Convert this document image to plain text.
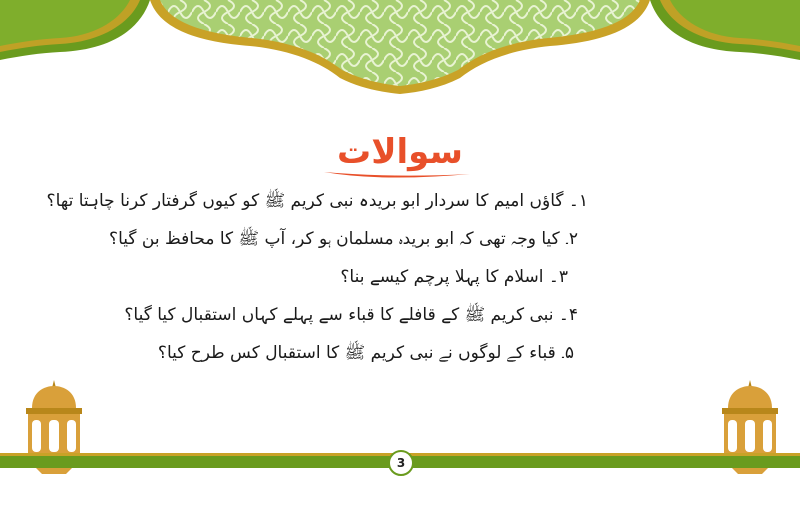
سوالات
۱۔ گاؤں امیم کا سردار ابو بریدہ نبی کریم ﷺ کو کیوں گرفتار کرنا چاہتا تھا؟
۲۔ کیا وجہ تھی کہ ابو بریدہ مسلمان ہو کر، آپ ﷺ کا محافظ بن گیا؟
۳۔ اسلام کا پہلا پرچم کیسے بنا؟
۴۔ نبی کریم ﷺ کے قافلے کا قباء سے پہلے کہاں استقبال کیا گیا؟
۵۔ قباء کے لوگوں نے نبی کریم ﷺ کا استقبال کس طرح کیا؟
3
